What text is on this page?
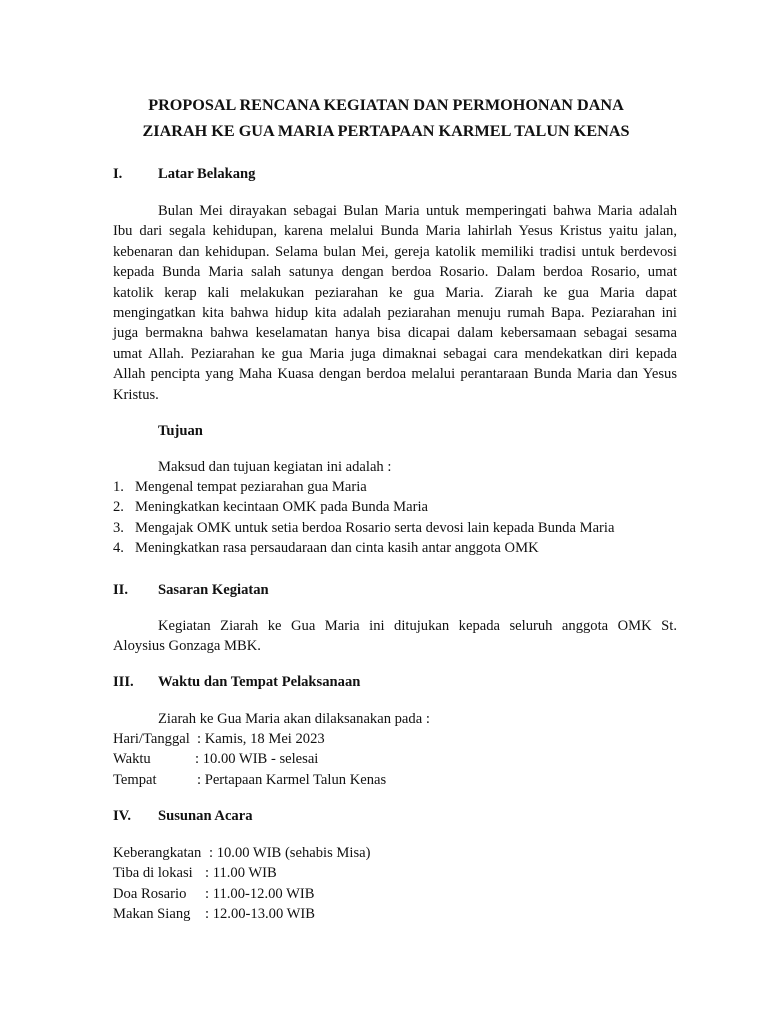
PROPOSAL RENCANA KEGIATAN DAN PERMOHONAN DANA
ZIARAH KE GUA MARIA PERTAPAAN KARMEL TALUN KENAS
I. Latar Belakang
Bulan Mei dirayakan sebagai Bulan Maria untuk memperingati bahwa Maria adalah
Ibu dari segala kehidupan, karena melalui Bunda Maria lahirlah Yesus Kristus yaitu jalan,
kebenaran dan kehidupan. Selama bulan Mei, gereja katolik memiliki tradisi untuk berdevosi
kepada Bunda Maria salah satunya dengan berdoa Rosario. Dalam berdoa Rosario, umat
katolik kerap kali melakukan peziarahan ke gua Maria. Ziarah ke gua Maria dapat
mengingatkan kita bahwa hidup kita adalah peziarahan menuju rumah Bapa. Peziarahan ini
juga bermakna bahwa keselamatan hanya bisa dicapai dalam kebersamaan sebagai sesama
umat Allah. Peziarahan ke gua Maria juga dimaknai sebagai cara mendekatkan diri kepada
Allah pencipta yang Maha Kuasa dengan berdoa melalui perantaraan Bunda Maria dan Yesus
Kristus.
Tujuan
Maksud dan tujuan kegiatan ini adalah :
1. Mengenal tempat peziarahan gua Maria
2. Meningkatkan kecintaan OMK pada Bunda Maria
3. Mengajak OMK untuk setia berdoa Rosario serta devosi lain kepada Bunda Maria
4. Meningkatkan rasa persaudaraan dan cinta kasih antar anggota OMK
II. Sasaran Kegiatan
Kegiatan Ziarah ke Gua Maria ini ditujukan kepada seluruh anggota OMK St.
Aloysius Gonzaga MBK.
III. Waktu dan Tempat Pelaksanaan
Ziarah ke Gua Maria akan dilaksanakan pada :
Hari/Tanggal : Kamis, 18 Mei 2023
Waktu	: 10.00 WIB - selesai
Tempat	: Pertapaan Karmel Talun Kenas
IV. Susunan Acara
Keberangkatan : 10.00 WIB (sehabis Misa)
Tiba di lokasi : 11.00 WIB
Doa Rosario : 11.00-12.00 WIB
Makan Siang : 12.00-13.00 WIB
